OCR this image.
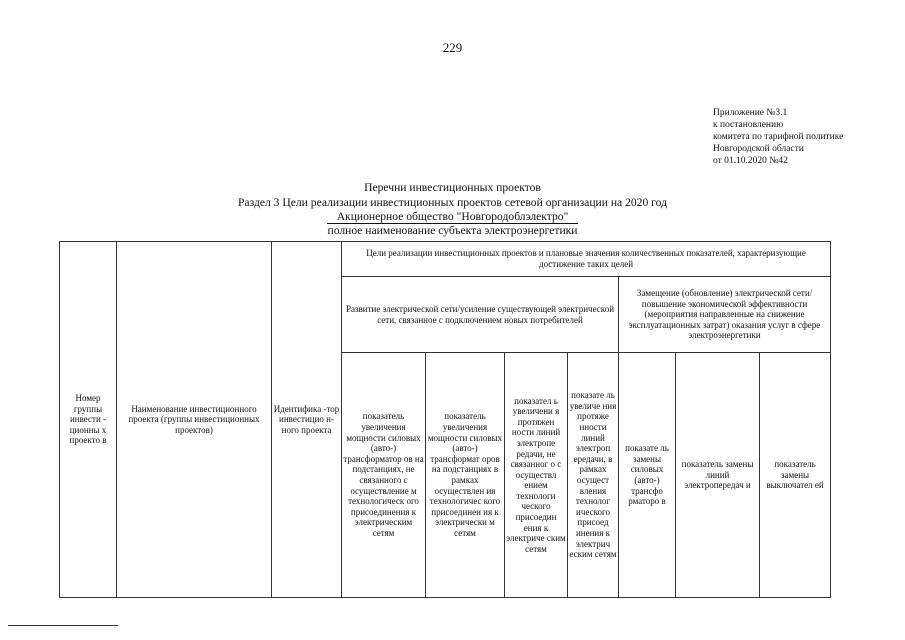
229
Приложение №3.1
к постановлению
комитета по тарифной политике
Новгородской области
от 01.10.2020 №42
Перечни инвестиционных проектов
Раздел 3 Цели реализации инвестиционных проектов сетевой организации на 2020 год
Акционерное общество "Новгородоблэлектро"
полное наименование субъекта электроэнергетики
Номер группы инвести - ционны х проекто в	Наименование инвестиционного проекта (группы инвестиционных проектов)	Идентифика -тор инвестицио н-ного проекта	Цели реализации инвестиционных проектов и плановые значения количественных показателей, характеризующие достижение таких целей						
			Развитие электрической сети/усиление существующей электрической сети, связанное с подключением новых потребителей				Замещение (обновление) электрической сети/повышение экономической эффективности (мероприятия направленные на снижение эксплуатационных затрат) оказания услуг в сфере электроэнергетики		
			показатель увеличения мощности силовых (авто-) трансформатор ов на подстанциях, не связанного с осуществление м технологическ ого присоединения к электрическим сетям	показатель увеличения мощности силовых (авто-) трансформат оров на подстанциях в рамках осуществлен ия технологичес кого присоединен ия к электрически м сетям	показател ь увеличени я протяжен ности линий электропе редачи, не связанног о с осуществл ением технологи ческого присоедин ения к электриче ским сетям	показате ль увеличе ния протяже нности линий электроп ередачи, в рамках осущест вления технолог ического присоед инения к электрич еским сетям	показате ль замены силовых (авто-) трансфо рматоро в	показатель замены линий электропередач и	показатель замены выключател ей
